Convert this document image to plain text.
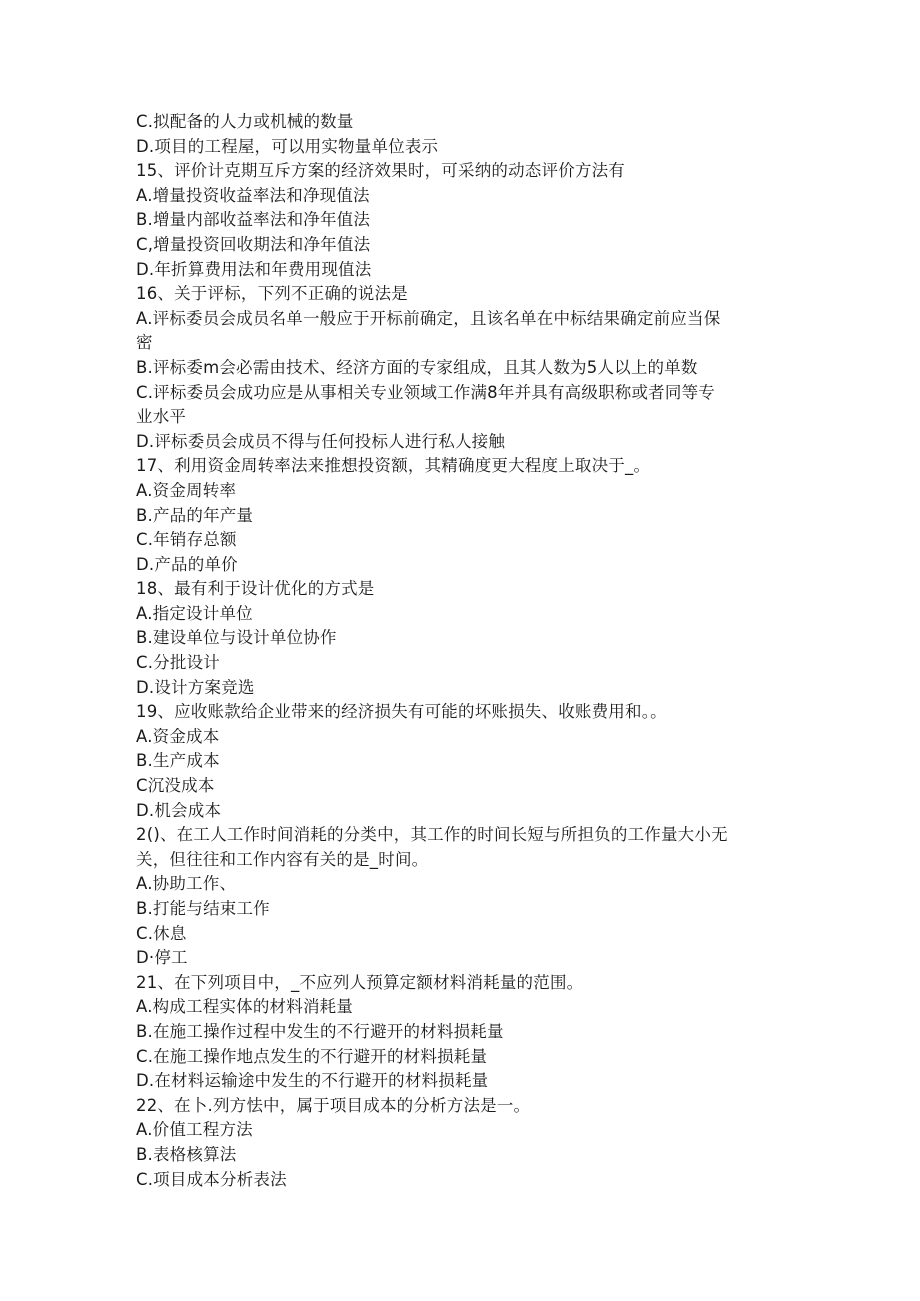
C.拟配备的人力或机械的数量
D.项目的工程屋，可以用实物量单位表示
15、评价计克期互斥方案的经济效果时，可采纳的动态评价方法有
A.增量投资收益率法和净现值法
B.增量内部收益率法和净年值法
C,增量投资回收期法和净年值法
D.年折算费用法和年费用现值法
16、关于评标，下列不正确的说法是
A.评标委员会成员名单一般应于开标前确定，且该名单在中标结果确定前应当保
密
B.评标委m会必需由技术、经济方面的专家组成，且其人数为5人以上的单数
C.评标委员会成功应是从事相关专业领域工作满8年并具有高级职称或者同等专
业水平
D.评标委员会成员不得与任何投标人进行私人接触
17、利用资金周转率法来推想投资额，其精确度更大程度上取决于_。
A.资金周转率
B.产品的年产量
C.年销存总额
D.产品的单价
18、最有利于设计优化的方式是
A.指定设计单位
B.建设单位与设计单位协作
C.分批设计
D.设计方案竞选
19、应收账款给企业带来的经济损失有可能的坏账损失、收账费用和。。
A.资金成本
B.生产成本
C沉没成本
D.机会成本
2()、在工人工作时间消耗的分类中，其工作的时间长短与所担负的工作量大小无
关，但往往和工作内容有关的是_时间。
A.协助工作、
B.打能与结束工作
C.休息
D·停工
21、在下列项目中，_不应列人预算定额材料消耗量的范围。
A.构成工程实体的材料消耗量
B.在施工操作过程中发生的不行避开的材料损耗量
C.在施工操作地点发生的不行避开的材料损耗量
D.在材料运输途中发生的不行避开的材料损耗量
22、在卜.列方怯中，属于项目成本的分析方法是一。
A.价值工程方法
B.表格核算法
C.项目成本分析表法
